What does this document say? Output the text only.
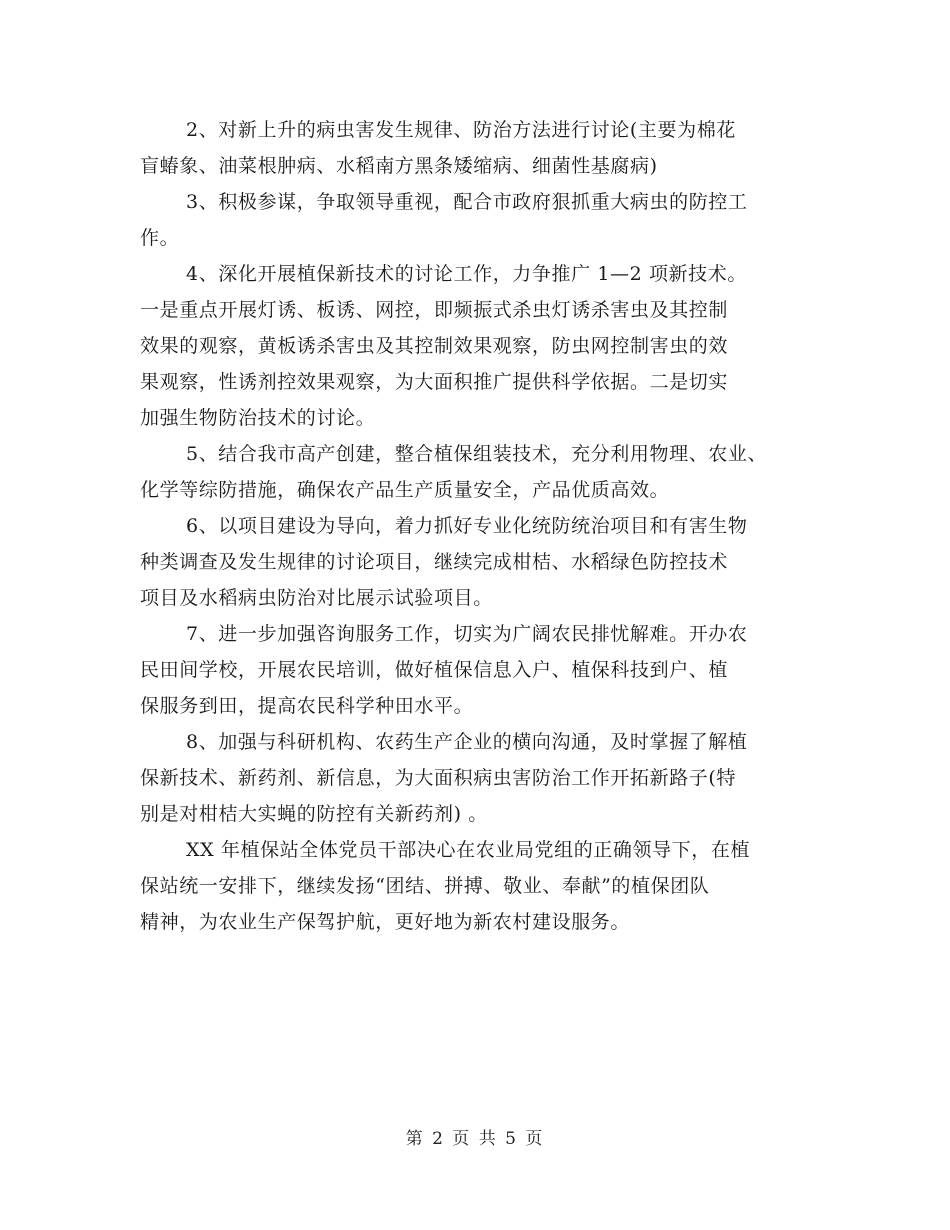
2、对新上升的病虫害发生规律、防治方法进行讨论(主要为棉花
盲蝽象、油菜根肿病、水稻南方黑条矮缩病、细菌性基腐病)
3、积极参谋，争取领导重视，配合市政府狠抓重大病虫的防控工
作。
4、深化开展植保新技术的讨论工作，力争推广 1—2 项新技术。
一是重点开展灯诱、板诱、网控，即频振式杀虫灯诱杀害虫及其控制
效果的观察，黄板诱杀害虫及其控制效果观察，防虫网控制害虫的效
果观察，性诱剂控效果观察，为大面积推广提供科学依据。二是切实
加强生物防治技术的讨论。
5、结合我市高产创建，整合植保组装技术，充分利用物理、农业、
化学等综防措施，确保农产品生产质量安全，产品优质高效。
6、以项目建设为导向，着力抓好专业化统防统治项目和有害生物
种类调查及发生规律的讨论项目，继续完成柑桔、水稻绿色防控技术
项目及水稻病虫防治对比展示试验项目。
7、进一步加强咨询服务工作，切实为广阔农民排忧解难。开办农
民田间学校，开展农民培训，做好植保信息入户、植保科技到户、植
保服务到田，提高农民科学种田水平。
8、加强与科研机构、农药生产企业的横向沟通，及时掌握了解植
保新技术、新药剂、新信息，为大面积病虫害防治工作开拓新路子(特
别是对柑桔大实蝇的防控有关新药剂) 。
XX 年植保站全体党员干部决心在农业局党组的正确领导下，在植
保站统一安排下，继续发扬“团结、拼搏、敬业、奉献”的植保团队
精神，为农业生产保驾护航，更好地为新农村建设服务。
第 2 页 共 5 页
